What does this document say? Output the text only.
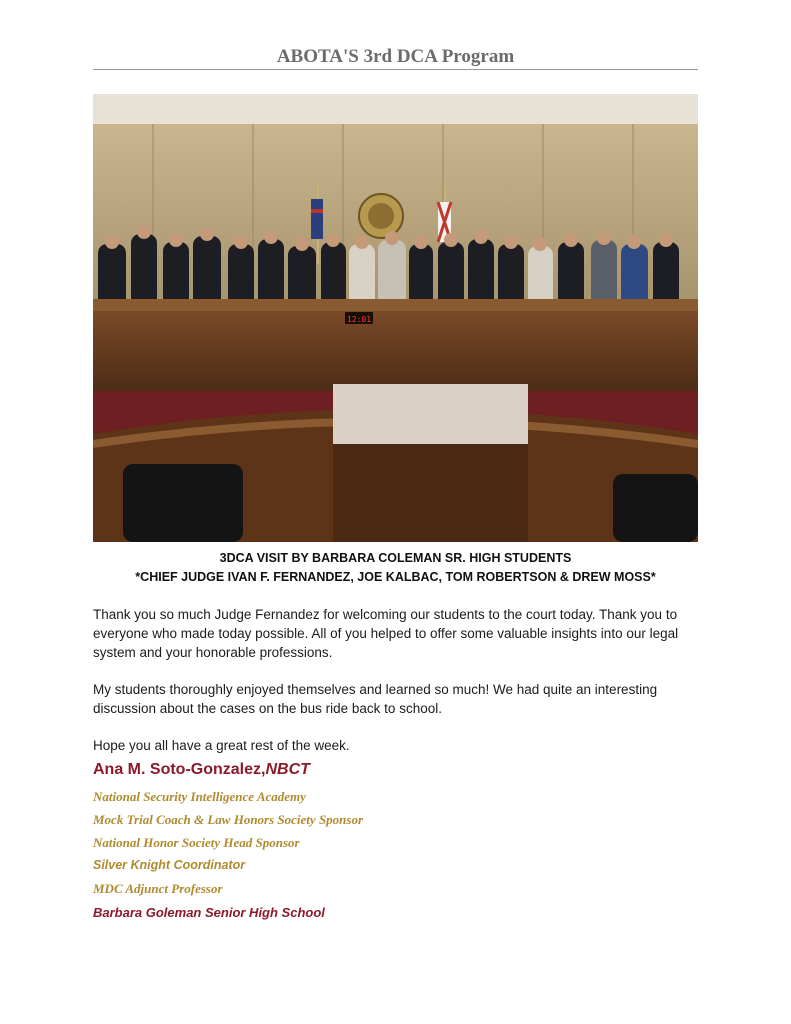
ABOTA'S 3rd DCA Program
12:01
3DCA VISIT BY BARBARA COLEMAN SR. HIGH STUDENTS
*CHIEF JUDGE IVAN F. FERNANDEZ, JOE KALBAC, TOM ROBERTSON & DREW MOSS*
Thank you so much Judge Fernandez for welcoming our students to the court today. Thank you to everyone who made today possible. All of you helped to offer some valuable insights into our legal system and your honorable professions.
My students thoroughly enjoyed themselves and learned so much! We had quite an interesting discussion about the cases on the bus ride back to school.
Hope you all have a great rest of the week.
Ana M. Soto-Gonzalez,NBCT
National Security Intelligence Academy
Mock Trial Coach & Law Honors Society Sponsor
National Honor Society Head Sponsor
Silver Knight Coordinator
MDC Adjunct Professor
Barbara Goleman Senior High School
